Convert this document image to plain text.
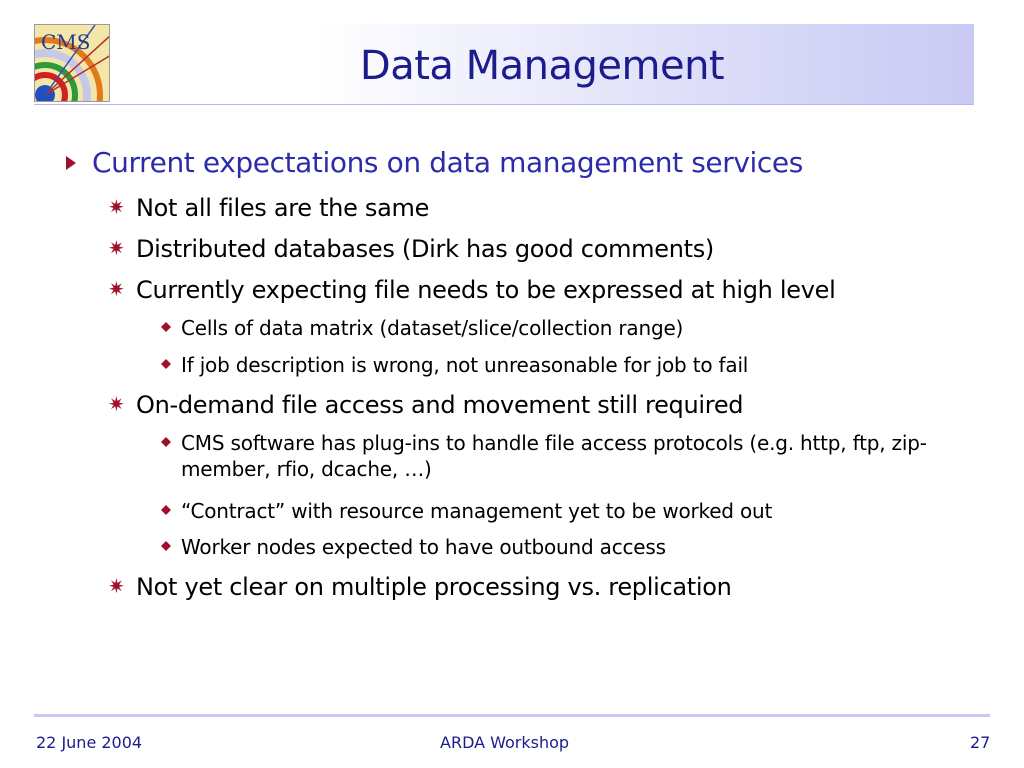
CMS
Data Management
Current expectations on data management services
✷ Not all files are the same
✷ Distributed databases (Dirk has good comments)
✷ Currently expecting file needs to be expressed at high level
Cells of data matrix (dataset/slice/collection range)
If job description is wrong, not unreasonable for job to fail
✷ On-demand file access and movement still required
CMS software has plug-ins to handle file access protocols (e.g. http, ftp, zip-member, rfio, dcache, …)
“Contract” with resource management yet to be worked out
Worker nodes expected to have outbound access
✷ Not yet clear on multiple processing vs. replication
22 June 2004	ARDA Workshop	27
